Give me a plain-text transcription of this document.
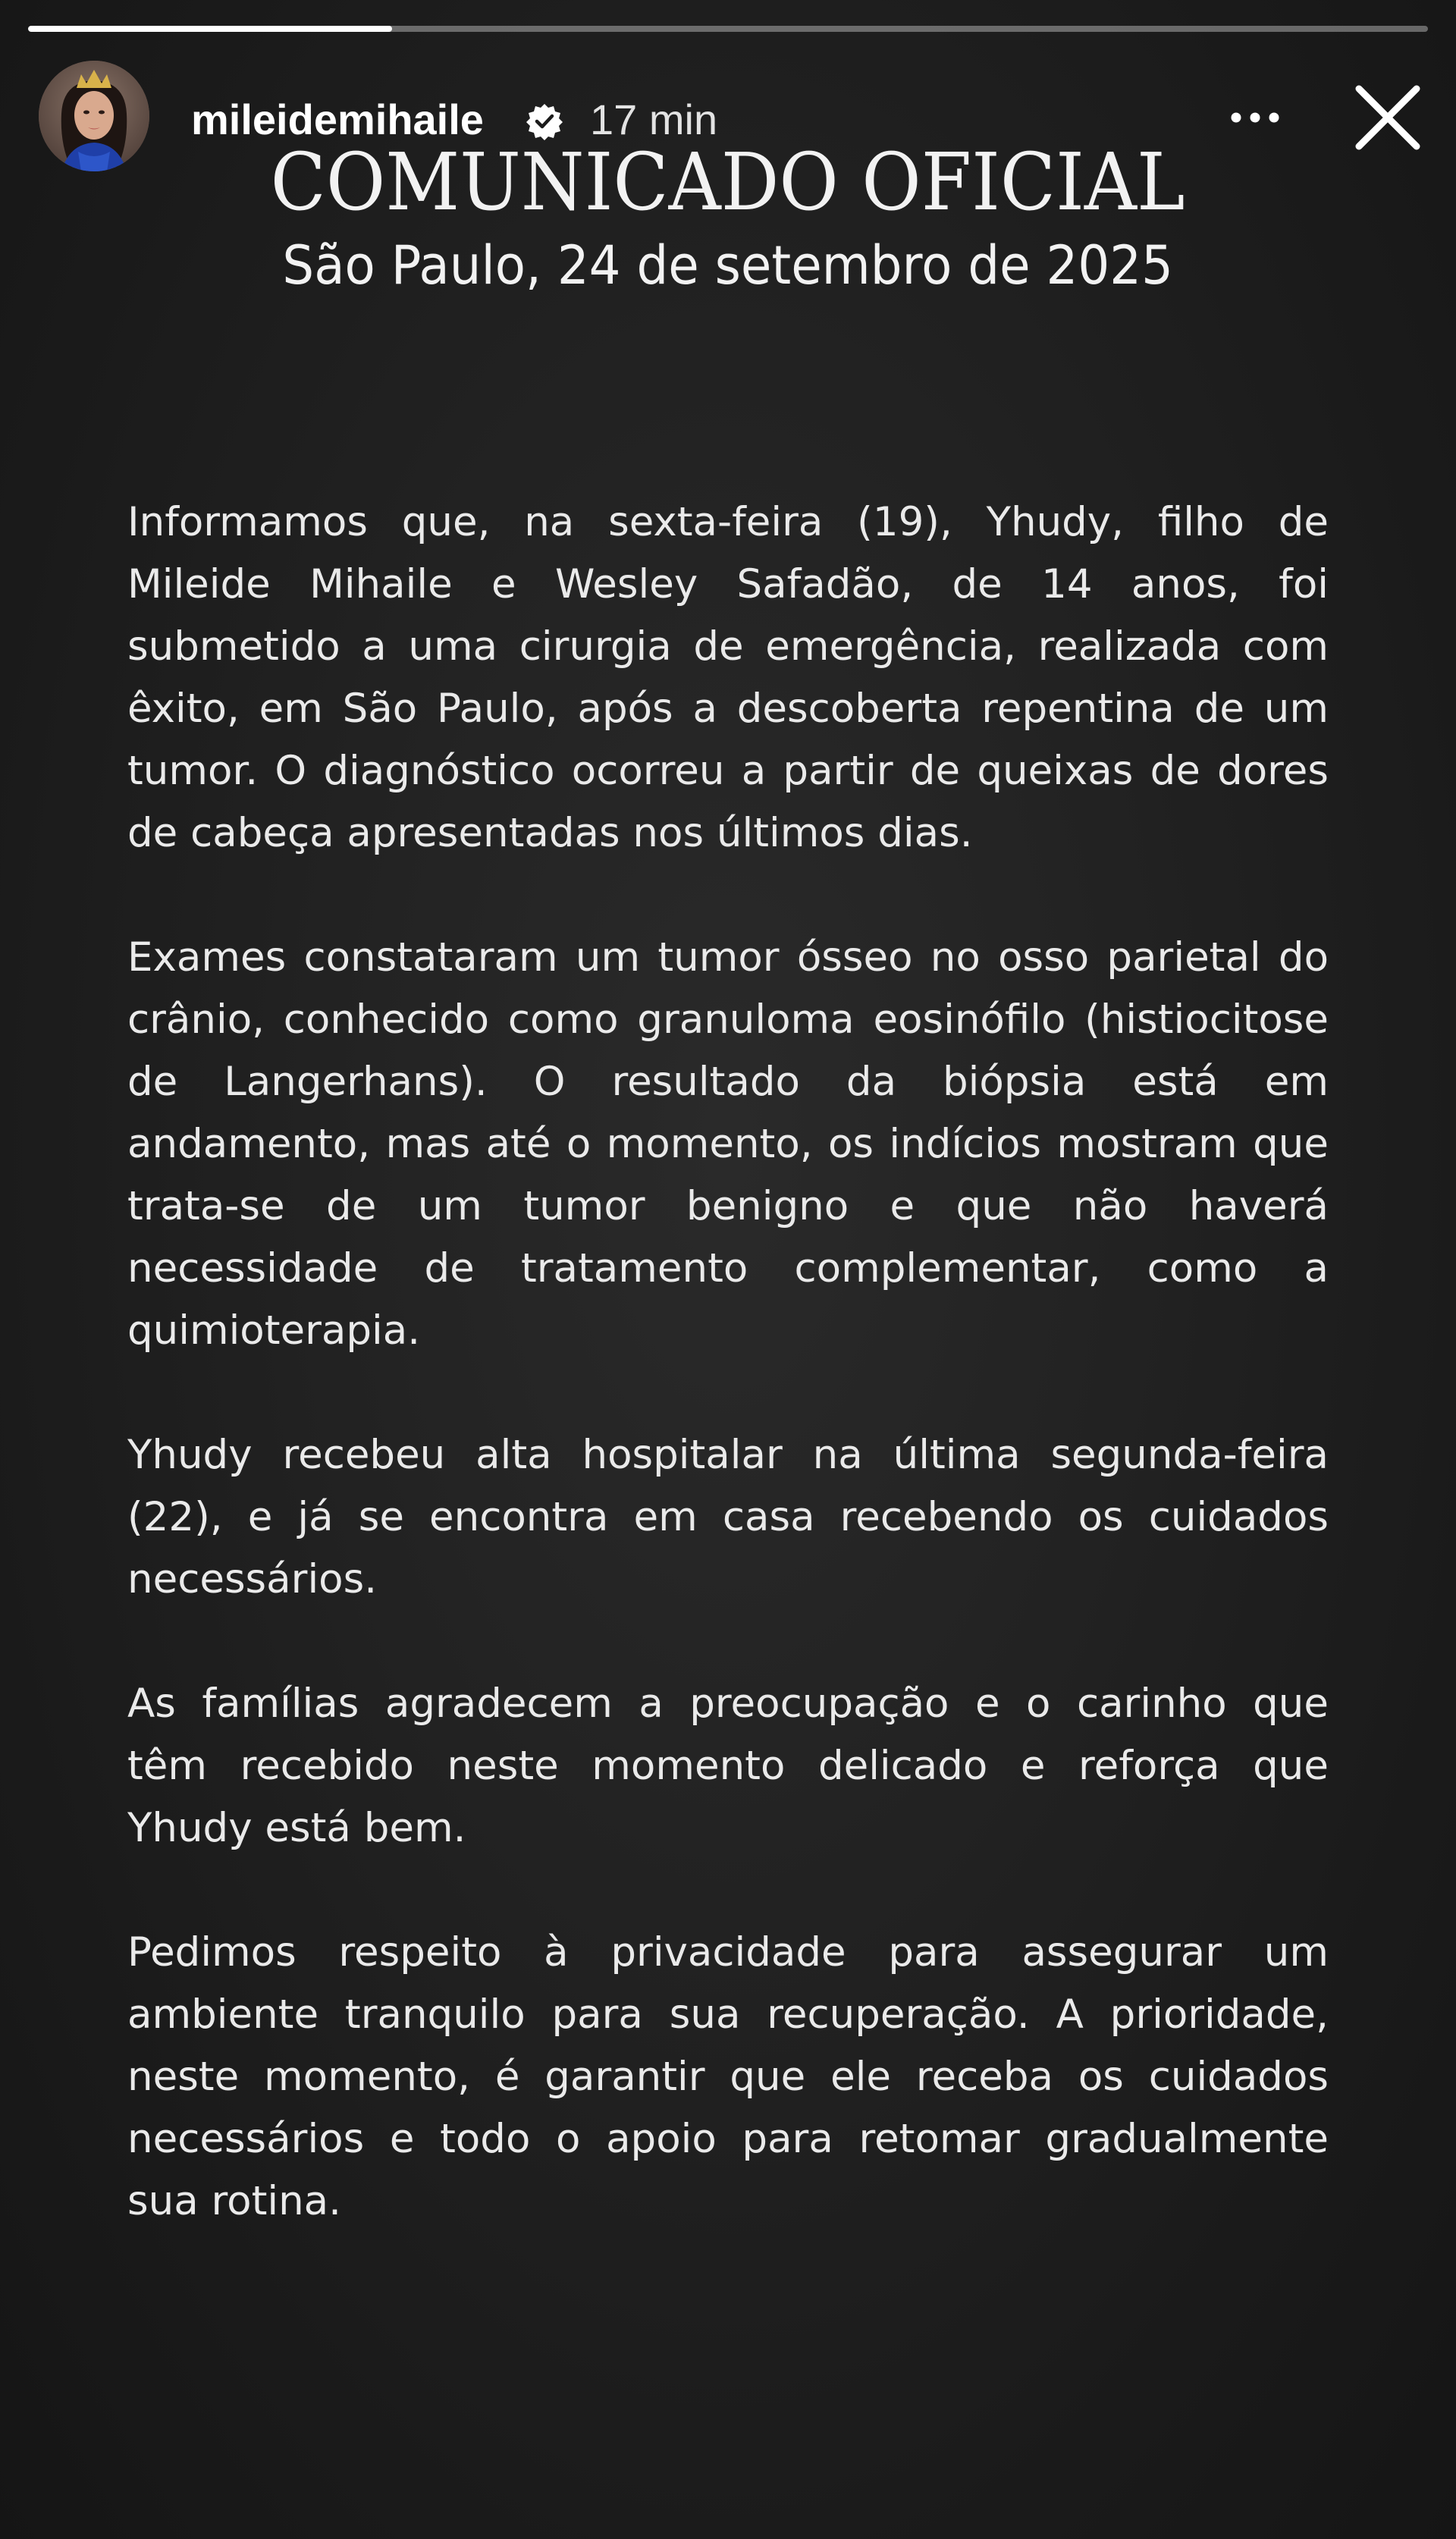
mileidemihaile	17 min
COMUNICADO OFICIAL
São Paulo, 24 de setembro de 2025
Informamos que, na sexta-feira (19), Yhudy, filho de
Mileide Mihaile e Wesley Safadão, de 14 anos, foi
submetido a uma cirurgia de emergência, realizada com
êxito, em São Paulo, após a descoberta repentina de um
tumor. O diagnóstico ocorreu a partir de queixas de dores
de cabeça apresentadas nos últimos dias.
Exames constataram um tumor ósseo no osso parietal do
crânio, conhecido como granuloma eosinófilo (histiocitose
de Langerhans). O resultado da biópsia está em
andamento, mas até o momento, os indícios mostram que
trata-se de um tumor benigno e que não haverá
necessidade de tratamento complementar, como a
quimioterapia.
Yhudy recebeu alta hospitalar na última segunda-feira
(22), e já se encontra em casa recebendo os cuidados
necessários.
As famílias agradecem a preocupação e o carinho que
têm recebido neste momento delicado e reforça que
Yhudy está bem.
Pedimos respeito à privacidade para assegurar um
ambiente tranquilo para sua recuperação. A prioridade,
neste momento, é garantir que ele receba os cuidados
necessários e todo o apoio para retomar gradualmente
sua rotina.
